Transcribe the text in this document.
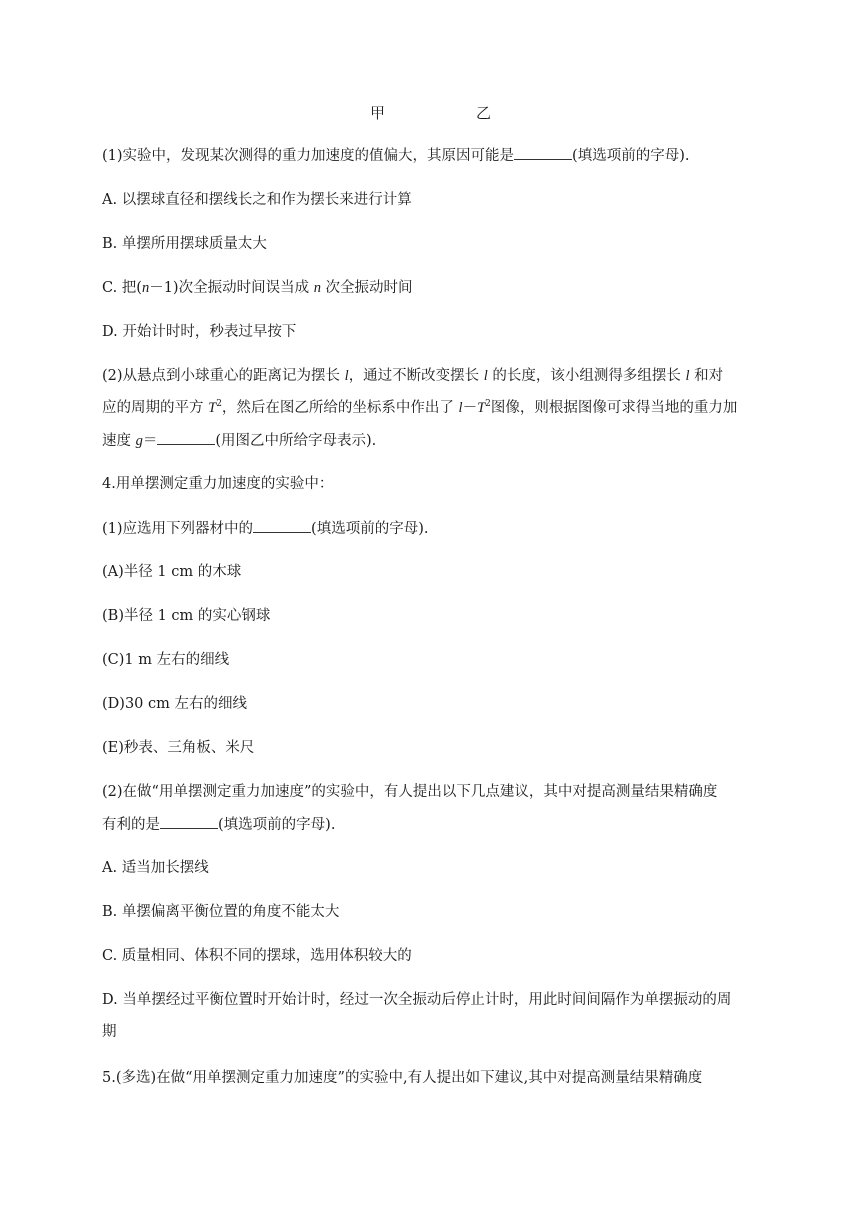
甲	乙
(1)实验中，发现某次测得的重力加速度的值偏大，其原因可能是	(填选项前的字母).
A. 以摆球直径和摆线长之和作为摆长来进行计算
B. 单摆所用摆球质量太大
C. 把(n－1)次全振动时间误当成 n 次全振动时间
D. 开始计时时，秒表过早按下
(2)从悬点到小球重心的距离记为摆长 l，通过不断改变摆长 l 的长度，该小组测得多组摆长 l 和对
应的周期的平方 $T^2$，然后在图乙所给的坐标系中作出了 $l-T^2$图像，则根据图像可求得当地的重力加
速度 g＝	(用图乙中所给字母表示).
4.用单摆测定重力加速度的实验中：
(1)应选用下列器材中的	(填选项前的字母).
(A)半径 1 cm 的木球
(B)半径 1 cm 的实心钢球
(C)1 m 左右的细线
(D)30 cm 左右的细线
(E)秒表、三角板、米尺
(2)在做“用单摆测定重力加速度”的实验中，有人提出以下几点建议，其中对提高测量结果精确度
有利的是	(填选项前的字母).
A. 适当加长摆线
B. 单摆偏离平衡位置的角度不能太大
C. 质量相同、体积不同的摆球，选用体积较大的
D. 当单摆经过平衡位置时开始计时，经过一次全振动后停止计时，用此时间间隔作为单摆振动的周
期
5.(多选)在做“用单摆测定重力加速度”的实验中,有人提出如下建议,其中对提高测量结果精确度
